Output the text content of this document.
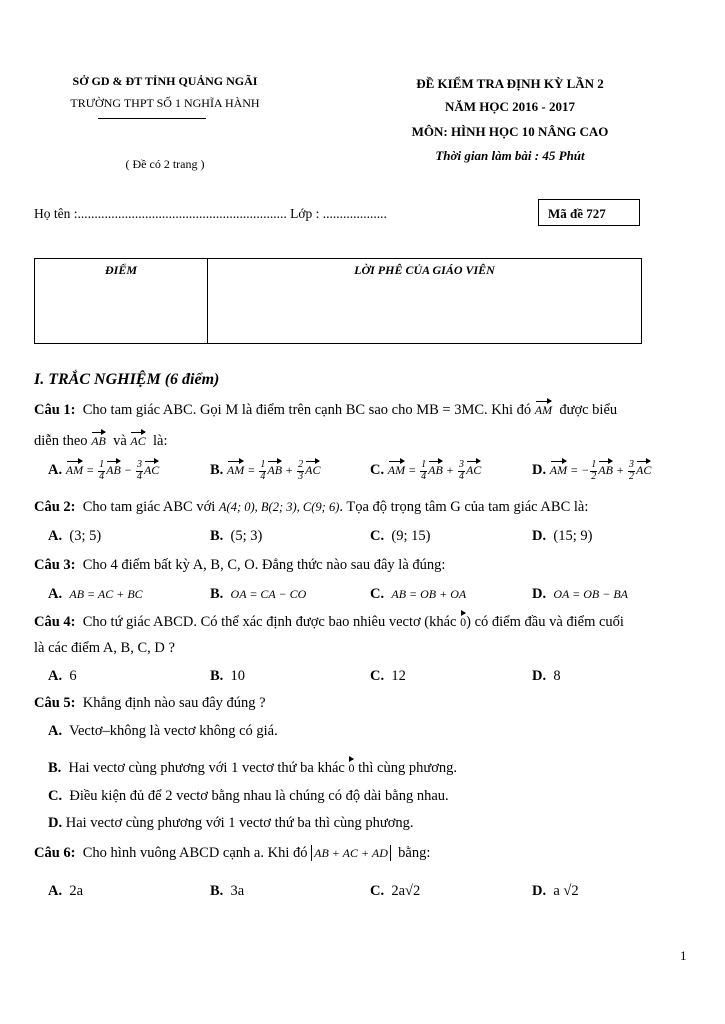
SỞ GD & ĐT TỈNH QUẢNG NGÃI
TRƯỜNG THPT SỐ 1 NGHĨA HÀNH
( Đề có 2 trang )
ĐỀ KIỂM TRA ĐỊNH KỲ LẦN 2
NĂM HỌC 2016 - 2017
MÔN: HÌNH HỌC 10 NÂNG CAO
Thời gian làm bài : 45 Phút
Họ tên :.............................................................. Lớp : ...................	Mã đề 727
ĐIỂM	LỜI PHÊ CỦA GIÁO VIÊN
I. TRẮC NGHIỆM (6 điểm)
Câu 1: Cho tam giác ABC. Gọi M là điểm trên cạnh BC sao cho MB = 3MC. Khi đó AM được biểu
diễn theo AB và AC là:
A. AM = $\frac{1}{4}$ AB − $\frac{3}{4}$ AC	B. AM = $\frac{1}{4}$ AB + $\frac{2}{3}$ AC	C. AM = $\frac{1}{4}$ AB + $\frac{3}{4}$ AC	D. AM = − $\frac{1}{2}$ AB + $\frac{3}{2}$ AC
Câu 2: Cho tam giác ABC với A(4; 0), B(2; 3), C(9; 6). Tọa độ trọng tâm G của tam giác ABC là:
A. (3; 5)	B. (5; 3)	C. (9; 15)	D. (15; 9)
Câu 3: Cho 4 điểm bất kỳ A, B, C, O. Đẳng thức nào sau đây là đúng:
A. AB = AC + BC	B. OA = CA − CO	C. AB = OB + OA	D. OA = OB − BA
Câu 4: Cho tứ giác ABCD. Có thể xác định được bao nhiêu vectơ (khác 0) có điểm đầu và điểm cuối
là các điểm A, B, C, D ?
A. 6	B. 10	C. 12	D. 8
Câu 5: Khẳng định nào sau đây đúng ?
A. Vectơ–không là vectơ không có giá.
B. Hai vectơ cùng phương với 1 vectơ thứ ba khác 0 thì cùng phương.
C. Điều kiện đủ để 2 vectơ bằng nhau là chúng có độ dài bằng nhau.
D. Hai vectơ cùng phương với 1 vectơ thứ ba thì cùng phương.
Câu 6: Cho hình vuông ABCD cạnh a. Khi đó AB + AC + AD bằng:
A. 2a	B. 3a	C. 2a√2	D. a √2
1
